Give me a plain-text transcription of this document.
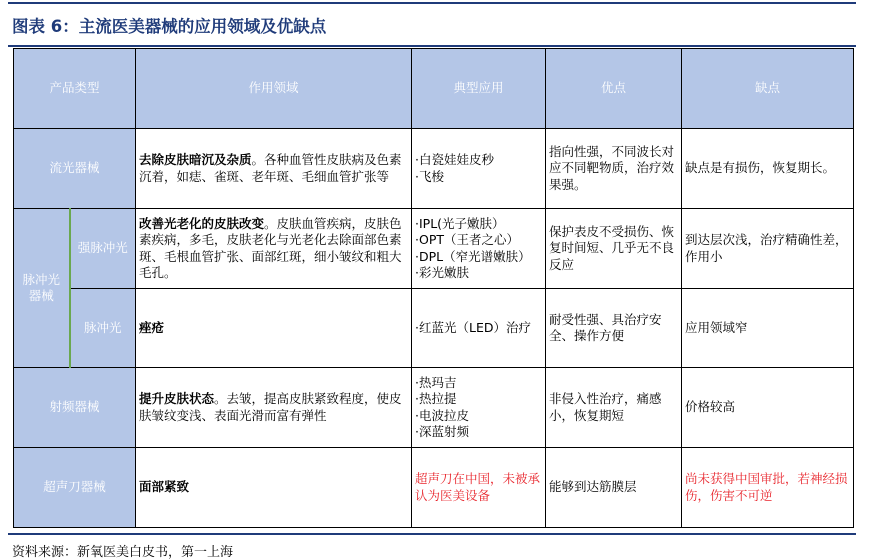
图表 6：主流医美器械的应用领域及优缺点
产品类型		作用领域	典型应用	优点	缺点
流光器械		去除皮肤暗沉及杂质。各种血管性皮肤病及色素沉着，如痣、雀斑、老年斑、毛细血管扩张等	·白瓷娃娃皮秒
·飞梭	指向性强，不同波长对应不同靶物质，治疗效果强。	缺点是有损伤，恢复期长。
脉冲光器械	强脉冲光	改善光老化的皮肤改变。皮肤血管疾病，皮肤色素疾病，多毛，皮肤老化与光老化去除面部色素斑、毛根血管扩张、面部红斑，细小皱纹和粗大毛孔。	·IPL(光子嫩肤）
·OPT（王者之心）
·DPL（窄光谱嫩肤）
·彩光嫩肤	保护表皮不受损伤、恢复时间短、几乎无不良反应	到达层次浅，治疗精确性差，作用小
	脉冲光	痤疮	·红蓝光（LED）治疗	耐受性强、具治疗安全、操作方便	应用领域窄
射频器械		提升皮肤状态。去皱，提高皮肤紧致程度，使皮肤皱纹变浅、表面光滑而富有弹性	·热玛吉
·热拉提
·电波拉皮
·深蓝射频	非侵入性治疗，痛感小，恢复期短	价格较高
超声刀器械		面部紧致	超声刀在中国，未被承认为医美设备	能够到达筋膜层	尚未获得中国审批，若神经损伤，伤害不可逆
资料来源：新氧医美白皮书，第一上海
